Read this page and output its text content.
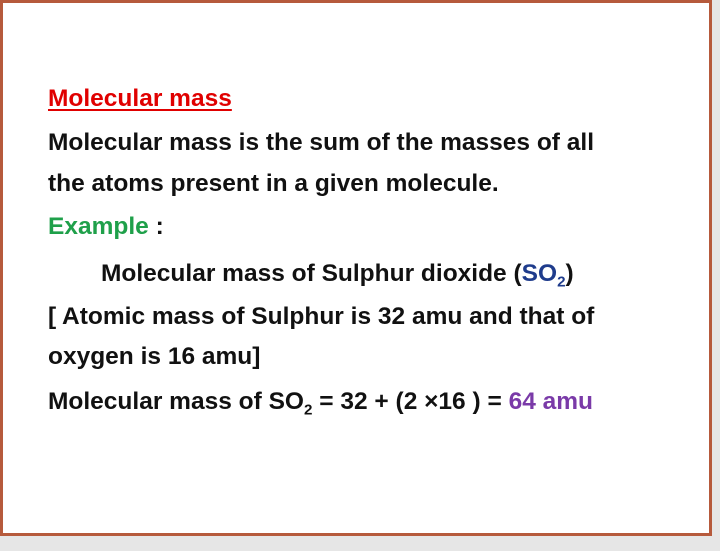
Molecular mass
Molecular mass is the sum of the masses of all
the atoms present in a given molecule.
Example :
Molecular mass of Sulphur dioxide $(SO_2)$
[ Atomic mass of Sulphur is 32 amu and that of
oxygen is 16 amu]
Molecular mass of $SO_2 = 32 + (2 \times 16$ ) = 64 amu
